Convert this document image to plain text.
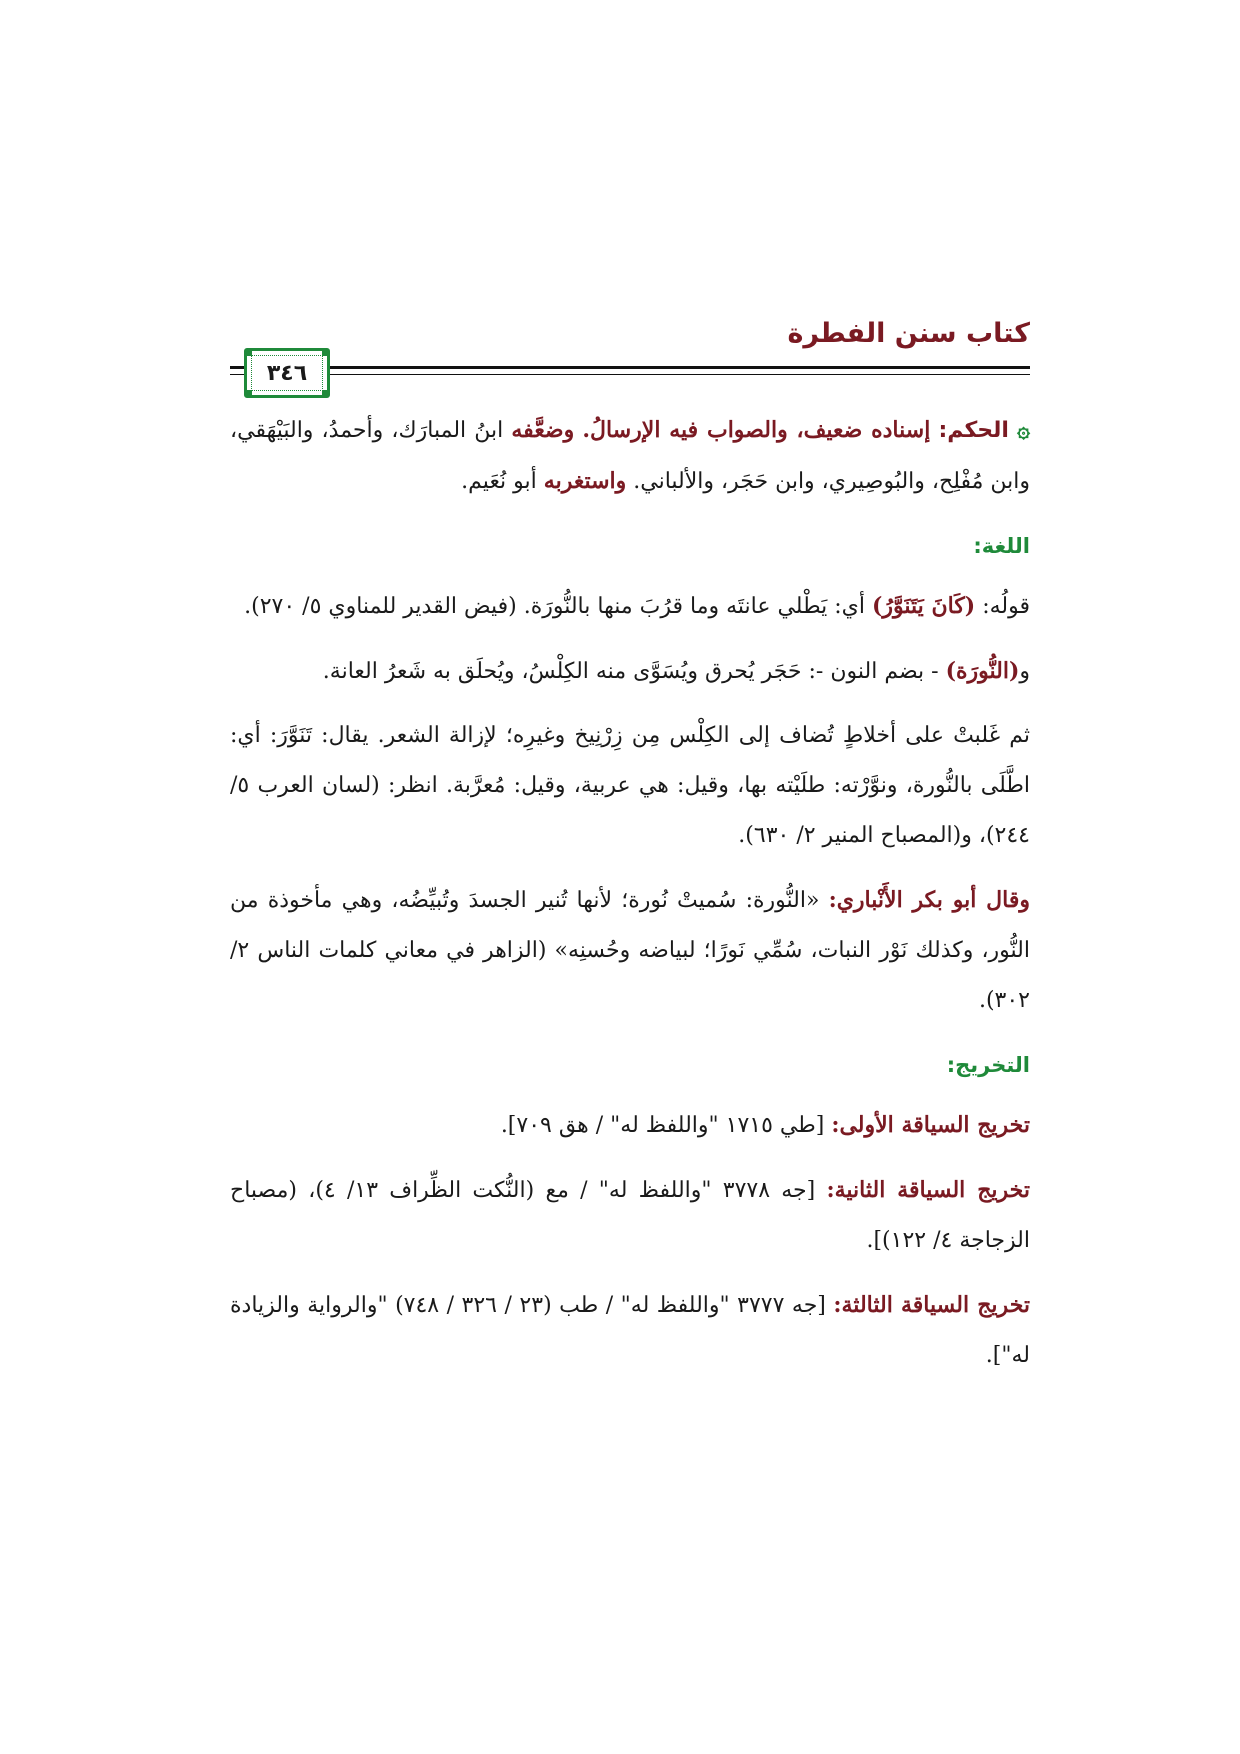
كتاب سنن الفطرة
٣٤٦

۞ الحكم: إسناده ضعيف، والصواب فيه الإرسالُ. وضعَّفه ابنُ المبارَك، وأحمدُ، والبَيْهَقي، وابن مُفْلِح، والبُوصِيري، وابن حَجَر، والألباني. واستغربه أبو نُعَيم.

اللغة:

قولُه: (كَانَ يَتَنَوَّرُ) أي: يَطْلي عانتَه وما قرُبَ منها بالنُّورَة. (فيض القدير للمناوي ٥/ ٢٧٠).

و(النُّورَة) - بضم النون -: حَجَر يُحرق ويُسَوَّى منه الكِلْسُ، ويُحلَق به شَعرُ العانة.

ثم غَلبتْ على أخلاطٍ تُضاف إلى الكِلْس مِن زِرْنِيخ وغيرِه؛ لإزالة الشعر. يقال: تَنَوَّرَ: أي: اطَّلَى بالنُّورة، ونوَّرْته: طلَيْته بها، وقيل: هي عربية، وقيل: مُعرَّبة. انظر: (لسان العرب ٥/ ٢٤٤)، و(المصباح المنير ٢/ ٦٣٠).

وقال أبو بكر الأَنْباري: «النُّورة: سُميتْ نُورة؛ لأنها تُنير الجسدَ وتُبيِّضُه، وهي مأخوذة من النُّور، وكذلك نَوْر النبات، سُمِّي نَورًا؛ لبياضه وحُسنِه» (الزاهر في معاني كلمات الناس ٢/ ٣٠٢).

التخريج:

تخريج السياقة الأولى: [طي ١٧١٥ "واللفظ له" / هق ٧٠٩].

تخريج السياقة الثانية: [جه ٣٧٧٨ "واللفظ له" / مع (النُّكت الظِّراف ١٣/ ٤)، (مصباح الزجاجة ٤/ ١٢٢)].

تخريج السياقة الثالثة: [جه ٣٧٧٧ "واللفظ له" / طب (٢٣ / ٣٢٦ / ٧٤٨) "والرواية والزيادة له"].
